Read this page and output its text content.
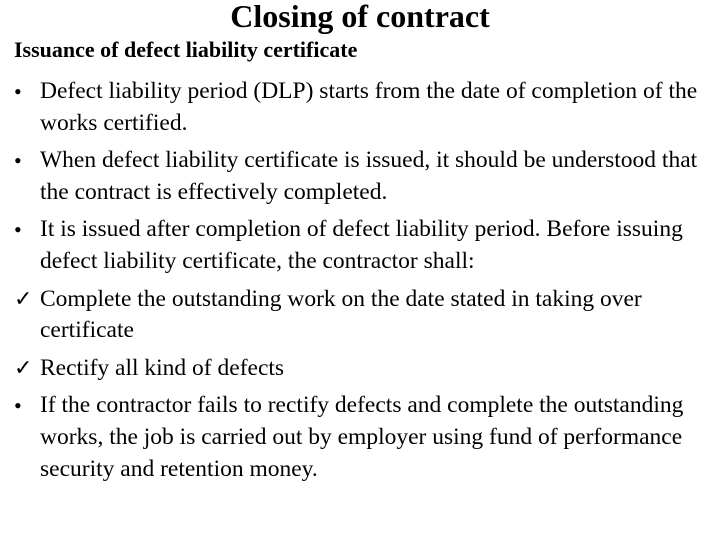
Closing of contract
Issuance of defect liability certificate
• Defect liability period (DLP) starts from the date of completion of the works certified.
• When defect liability certificate is issued, it should be understood that the contract is effectively completed.
• It is issued after completion of defect liability period. Before issuing defect liability certificate, the contractor shall:
✓ Complete the outstanding work on the date stated in taking over certificate
✓ Rectify all kind of defects
• If the contractor fails to rectify defects and complete the outstanding works, the job is carried out by employer using fund of performance security and retention money.
